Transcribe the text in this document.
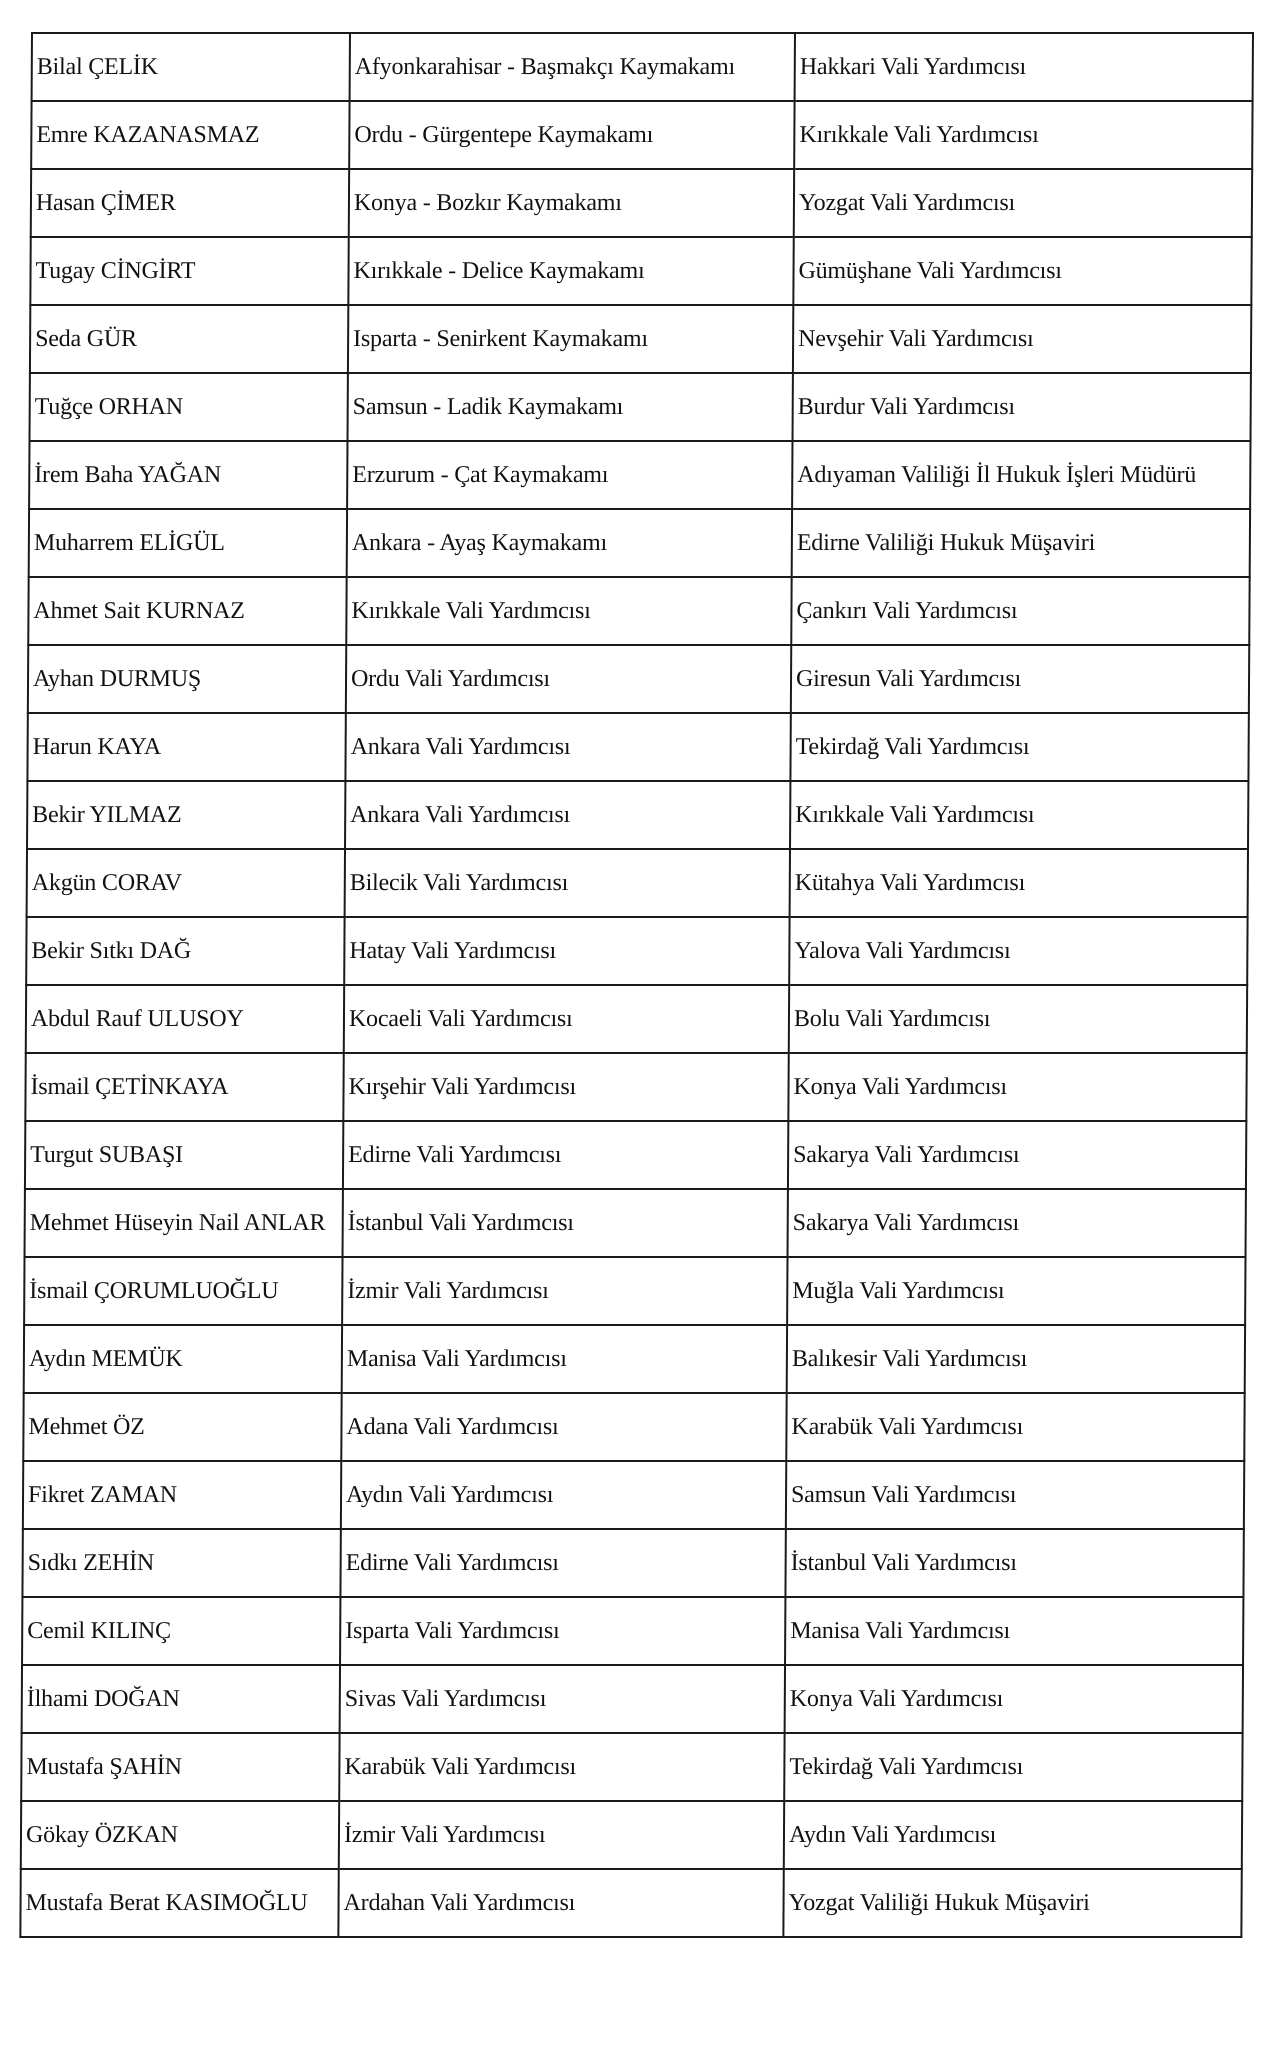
Bilal ÇELİK	Afyonkarahisar - Başmakçı Kaymakamı	Hakkari Vali Yardımcısı
Emre KAZANASMAZ	Ordu - Gürgentepe Kaymakamı	Kırıkkale Vali Yardımcısı
Hasan ÇİMER	Konya - Bozkır Kaymakamı	Yozgat Vali Yardımcısı
Tugay CİNGİRT	Kırıkkale - Delice Kaymakamı	Gümüşhane Vali Yardımcısı
Seda GÜR	Isparta - Senirkent Kaymakamı	Nevşehir Vali Yardımcısı
Tuğçe ORHAN	Samsun - Ladik Kaymakamı	Burdur Vali Yardımcısı
İrem Baha YAĞAN	Erzurum - Çat Kaymakamı	Adıyaman Valiliği İl Hukuk İşleri Müdürü
Muharrem ELİGÜL	Ankara - Ayaş Kaymakamı	Edirne Valiliği Hukuk Müşaviri
Ahmet Sait KURNAZ	Kırıkkale Vali Yardımcısı	Çankırı Vali Yardımcısı
Ayhan DURMUŞ	Ordu Vali Yardımcısı	Giresun Vali Yardımcısı
Harun KAYA	Ankara Vali Yardımcısı	Tekirdağ Vali Yardımcısı
Bekir YILMAZ	Ankara Vali Yardımcısı	Kırıkkale Vali Yardımcısı
Akgün CORAV	Bilecik Vali Yardımcısı	Kütahya Vali Yardımcısı
Bekir Sıtkı DAĞ	Hatay Vali Yardımcısı	Yalova Vali Yardımcısı
Abdul Rauf ULUSOY	Kocaeli Vali Yardımcısı	Bolu Vali Yardımcısı
İsmail ÇETİNKAYA	Kırşehir Vali Yardımcısı	Konya Vali Yardımcısı
Turgut SUBAŞI	Edirne Vali Yardımcısı	Sakarya Vali Yardımcısı
Mehmet Hüseyin Nail ANLAR	İstanbul Vali Yardımcısı	Sakarya Vali Yardımcısı
İsmail ÇORUMLUOĞLU	İzmir Vali Yardımcısı	Muğla Vali Yardımcısı
Aydın MEMÜK	Manisa Vali Yardımcısı	Balıkesir Vali Yardımcısı
Mehmet ÖZ	Adana Vali Yardımcısı	Karabük Vali Yardımcısı
Fikret ZAMAN	Aydın Vali Yardımcısı	Samsun Vali Yardımcısı
Sıdkı ZEHİN	Edirne Vali Yardımcısı	İstanbul Vali Yardımcısı
Cemil KILINÇ	Isparta Vali Yardımcısı	Manisa Vali Yardımcısı
İlhami DOĞAN	Sivas Vali Yardımcısı	Konya Vali Yardımcısı
Mustafa ŞAHİN	Karabük Vali Yardımcısı	Tekirdağ Vali Yardımcısı
Gökay ÖZKAN	İzmir Vali Yardımcısı	Aydın Vali Yardımcısı
Mustafa Berat KASIMOĞLU	Ardahan Vali Yardımcısı	Yozgat Valiliği Hukuk Müşaviri
